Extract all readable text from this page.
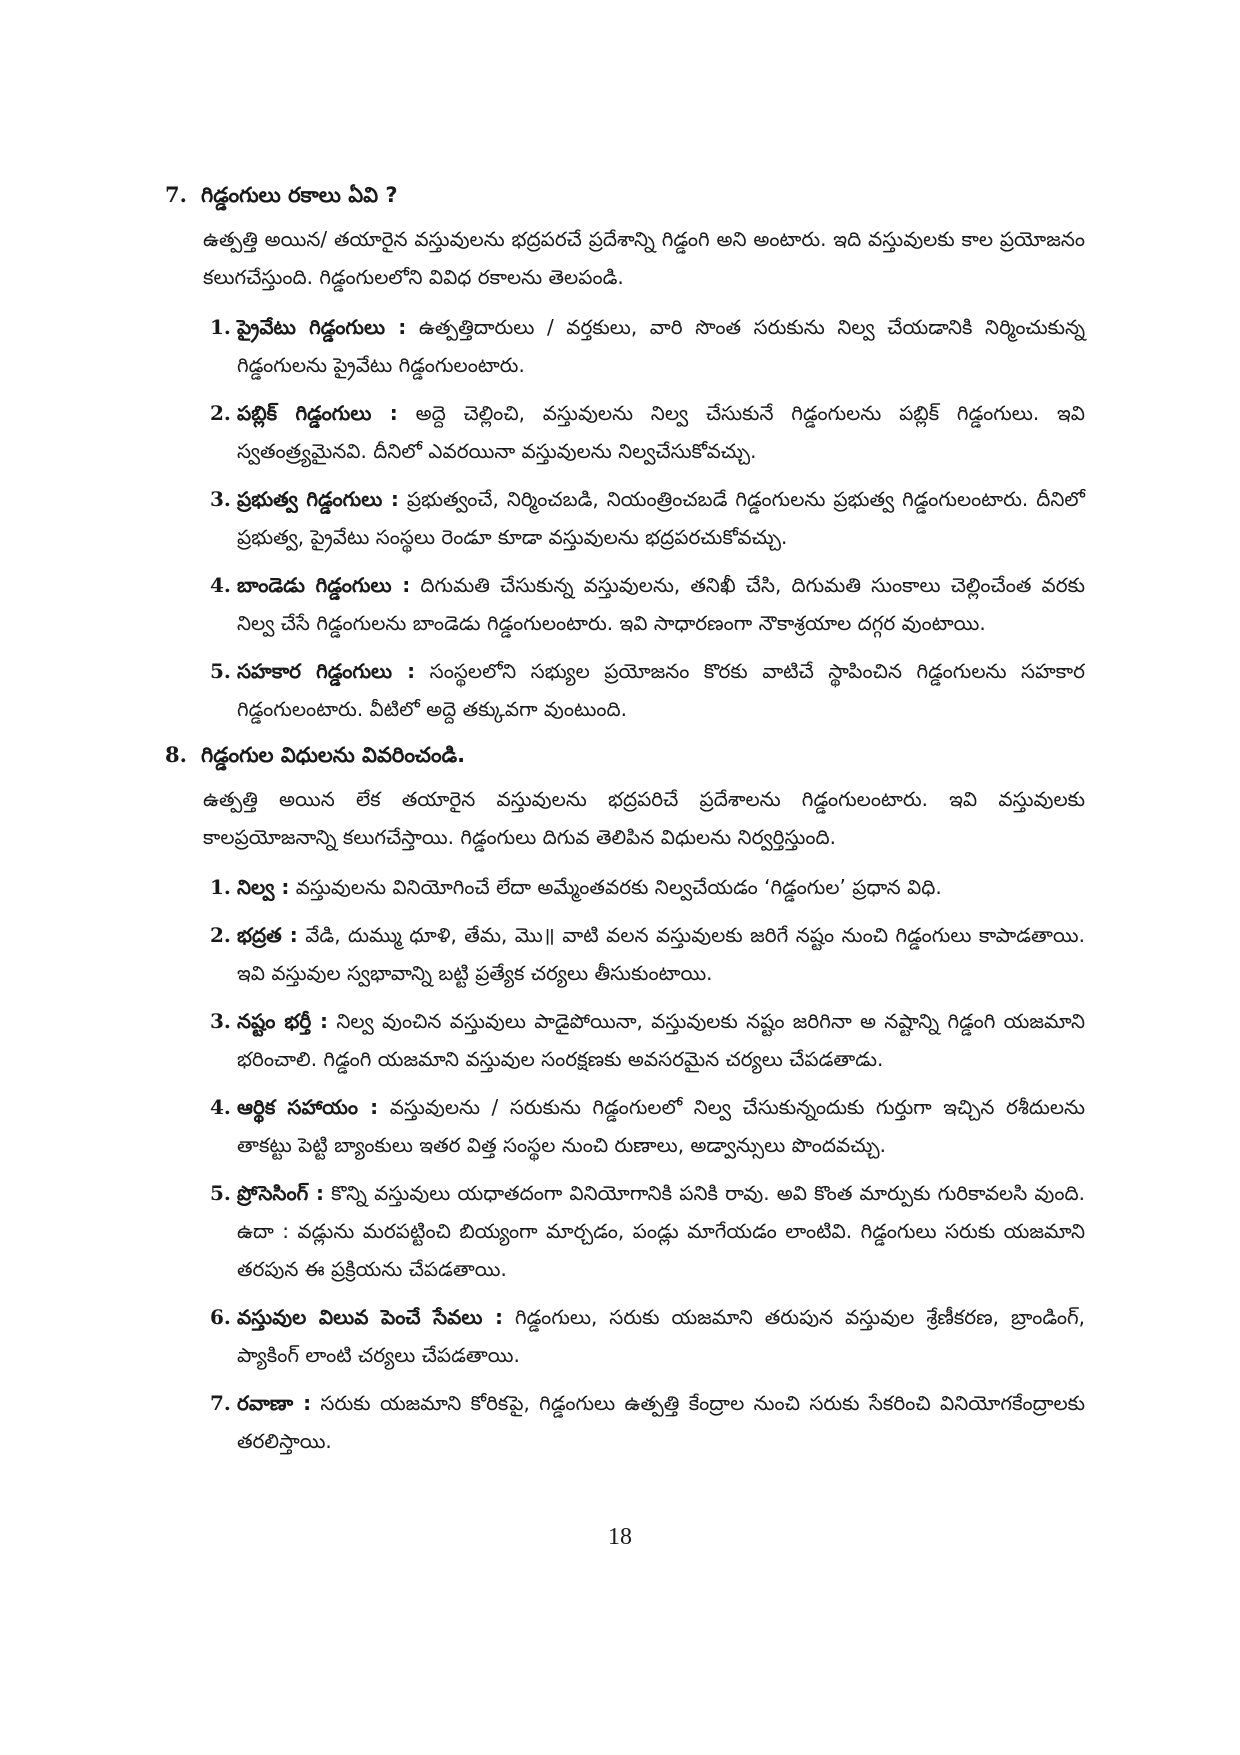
7. గిడ్డంగులు రకాలు ఏవి ?

ఉత్పత్తి అయిన/ తయారైన వస్తువులను భద్రపరచే ప్రదేశాన్ని గిడ్డంగి అని అంటారు. ఇది వస్తువులకు కాల ప్రయోజనం కలుగచేస్తుంది. గిడ్డంగులలోని వివిధ రకాలను తెలపండి.

1. ప్రైవేటు గిడ్డంగులు : ఉత్పత్తిదారులు / వర్తకులు, వారి సొంత సరుకును నిల్వ చేయడానికి నిర్మించుకున్న గిడ్డంగులను ప్రైవేటు గిడ్డంగులంటారు.
2. పబ్లిక్ గిడ్డంగులు : అద్దె చెల్లించి, వస్తువులను నిల్వ చేసుకునే గిడ్డంగులను పబ్లిక్ గిడ్డంగులు. ఇవి స్వతంత్ర్యమైనవి. దీనిలో ఎవరయినా వస్తువులను నిల్వచేసుకోవచ్చు.
3. ప్రభుత్వ గిడ్డంగులు : ప్రభుత్వంచే, నిర్మించబడి, నియంత్రించబడే గిడ్డంగులను ప్రభుత్వ గిడ్డంగులంటారు. దీనిలో ప్రభుత్వ, ప్రైవేటు సంస్థలు రెండూ కూడా వస్తువులను భద్రపరచుకోవచ్చు.
4. బాండెడు గిడ్డంగులు : దిగుమతి చేసుకున్న వస్తువులను, తనిఖీ చేసి, దిగుమతి సుంకాలు చెల్లించేంత వరకు నిల్వ చేసే గిడ్డంగులను బాండెడు గిడ్డంగులంటారు. ఇవి సాధారణంగా నౌకాశ్రయాల దగ్గర వుంటాయి.
5. సహకార గిడ్డంగులు : సంస్థలలోని సభ్యుల ప్రయోజనం కొరకు వాటిచే స్థాపించిన గిడ్డంగులను సహకార గిడ్డంగులంటారు. వీటిలో అద్దె తక్కువగా వుంటుంది.
8. గిడ్డంగుల విధులను వివరించండి.

ఉత్పత్తి అయిన లేక తయారైన వస్తువులను భద్రపరిచే ప్రదేశాలను గిడ్డంగులంటారు. ఇవి వస్తువులకు కాలప్రయోజనాన్ని కలుగచేస్తాయి. గిడ్డంగులు దిగువ తెలిపిన విధులను నిర్వర్తిస్తుంది.

1. నిల్వ : వస్తువులను వినియోగించే లేదా అమ్మేంతవరకు నిల్వచేయడం ‘గిడ్డంగుల’ ప్రధాన విధి.
2. భద్రత : వేడి, దుమ్ము ధూళి, తేమ, మొ॥ వాటి వలన వస్తువులకు జరిగే నష్టం నుంచి గిడ్డంగులు కాపాడతాయి. ఇవి వస్తువుల స్వభావాన్ని బట్టి ప్రత్యేక చర్యలు తీసుకుంటాయి.
3. నష్టం భర్తీ : నిల్వ వుంచిన వస్తువులు పాడైపోయినా, వస్తువులకు నష్టం జరిగినా అ నష్టాన్ని గిడ్డంగి యజమాని భరించాలి. గిడ్డంగి యజమాని వస్తువుల సంరక్షణకు అవసరమైన చర్యలు చేపడతాడు.
4. ఆర్థిక సహాయం : వస్తువులను / సరుకును గిడ్డంగులలో నిల్వ చేసుకున్నందుకు గుర్తుగా ఇచ్చిన రశీదులను తాకట్టు పెట్టి బ్యాంకులు ఇతర విత్త సంస్థల నుంచి రుణాలు, అడ్వాన్సులు పొందవచ్చు.
5. ప్రోసెసింగ్ : కొన్ని వస్తువులు యధాతదంగా వినియోగానికి పనికి రావు. అవి కొంత మార్పుకు గురికావలసి వుంది. ఉదా : వడ్లును మరపట్టించి బియ్యంగా మార్చడం, పండ్లు మాగేయడం లాంటివి. గిడ్డంగులు సరుకు యజమాని తరపున ఈ ప్రక్రియను చేపడతాయి.
6. వస్తువుల విలువ పెంచే సేవలు : గిడ్డంగులు, సరుకు యజమాని తరుపున వస్తువుల శ్రేణీకరణ, బ్రాండింగ్, ప్యాకింగ్ లాంటి చర్యలు చేపడతాయి.
7. రవాణా : సరుకు యజమాని కోరికపై, గిడ్డంగులు ఉత్పత్తి కేంద్రాల నుంచి సరుకు సేకరించి వినియోగకేంద్రాలకు తరలిస్తాయి.
18
